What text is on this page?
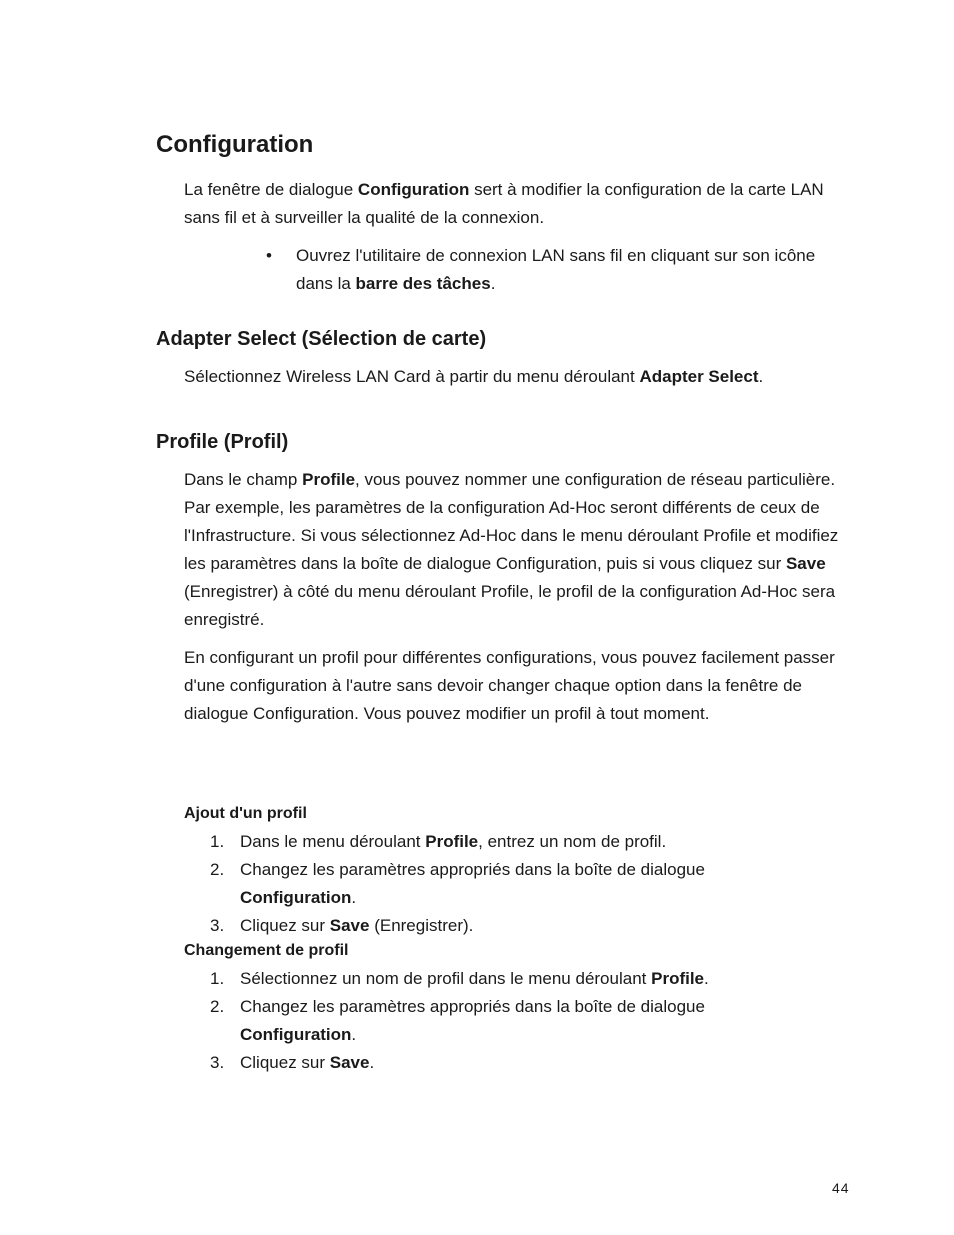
Configuration

La fenêtre de dialogue Configuration sert à modifier la configuration de la carte LAN sans fil et à surveiller la qualité de la connexion.

•	Ouvrez l'utilitaire de connexion LAN sans fil en cliquant sur son icône dans la barre des tâches.
Adapter Select (Sélection de carte)

Sélectionnez Wireless LAN Card à partir du menu déroulant Adapter Select.

Profile (Profil)

Dans le champ Profile, vous pouvez nommer une configuration de réseau particulière. Par exemple, les paramètres de la configuration Ad-Hoc seront différents de ceux de l'Infrastructure. Si vous sélectionnez Ad-Hoc dans le menu déroulant Profile et modifiez les paramètres dans la boîte de dialogue Configuration, puis si vous cliquez sur Save (Enregistrer) à côté du menu déroulant Profile, le profil de la configuration Ad-Hoc sera enregistré.

En configurant un profil pour différentes configurations, vous pouvez facilement passer d'une configuration à l'autre sans devoir changer chaque option dans la fenêtre de dialogue Configuration. Vous pouvez modifier un profil à tout moment.

Ajout d'un profil
1. Dans le menu déroulant Profile, entrez un nom de profil.
2. Changez les paramètres appropriés dans la boîte de dialogue Configuration.
3. Cliquez sur Save (Enregistrer).
Changement de profil
1. Sélectionnez un nom de profil dans le menu déroulant Profile.
2. Changez les paramètres appropriés dans la boîte de dialogue Configuration.
3. Cliquez sur Save.
44
